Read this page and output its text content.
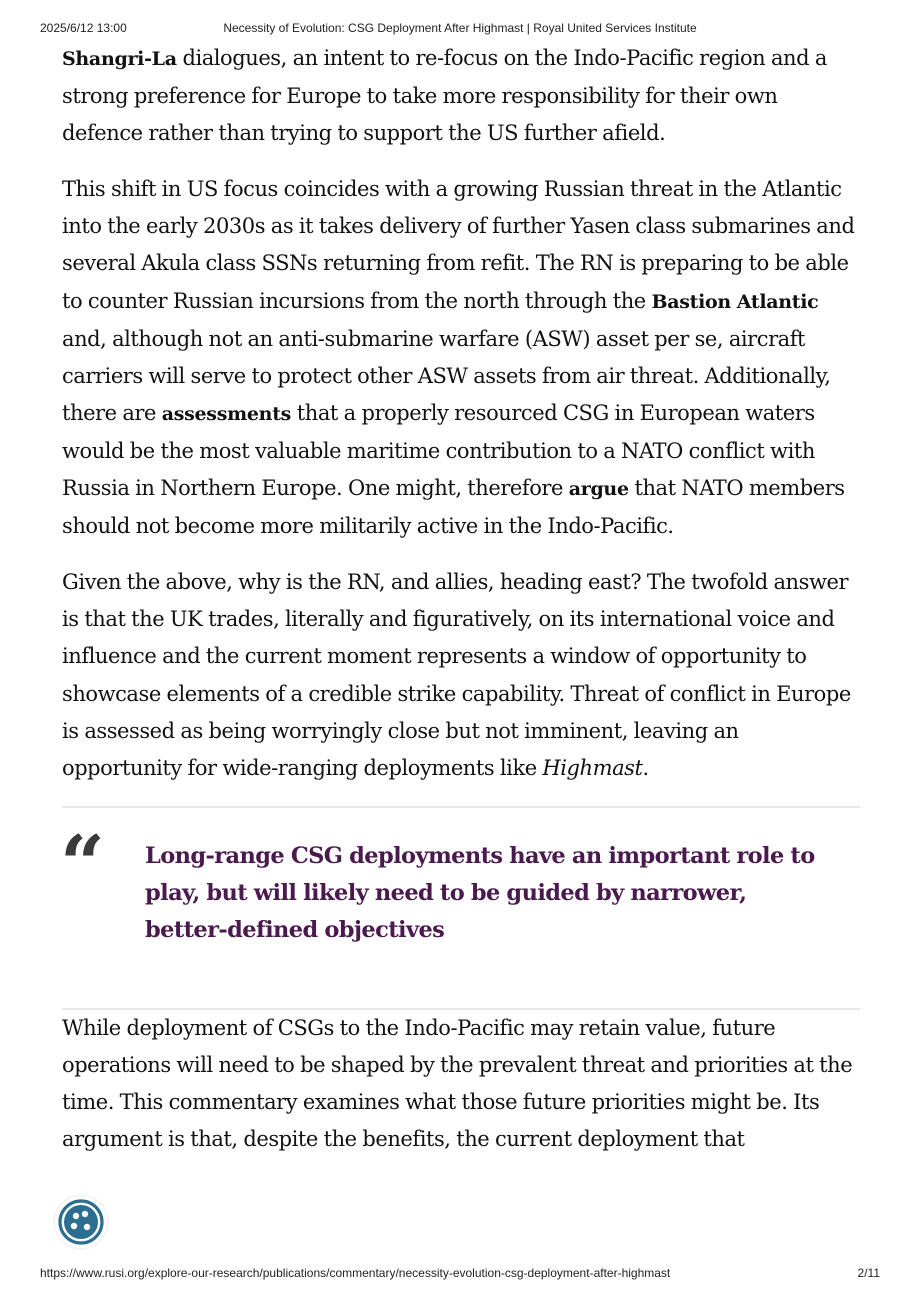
Necessity of Evolution: CSG Deployment After Highmast | Royal United Services Institute
2025/6/12 13:00

Shangri-La dialogues, an intent to re-focus on the Indo-Pacific region and a strong preference for Europe to take more responsibility for their own defence rather than trying to support the US further afield.

This shift in US focus coincides with a growing Russian threat in the Atlantic into the early 2030s as it takes delivery of further Yasen class submarines and several Akula class SSNs returning from refit. The RN is preparing to be able to counter Russian incursions from the north through the Bastion Atlantic and, although not an anti-submarine warfare (ASW) asset per se, aircraft carriers will serve to protect other ASW assets from air threat. Additionally, there are assessments that a properly resourced CSG in European waters would be the most valuable maritime contribution to a NATO conflict with Russia in Northern Europe. One might, therefore argue that NATO members should not become more militarily active in the Indo-Pacific.

Given the above, why is the RN, and allies, heading east? The twofold answer is that the UK trades, literally and figuratively, on its international voice and influence and the current moment represents a window of opportunity to showcase elements of a credible strike capability. Threat of conflict in Europe is assessed as being worryingly close but not imminent, leaving an opportunity for wide-ranging deployments like Highmast.

“ Long-range CSG deployments have an important role to play, but will likely need to be guided by narrower, better-defined objectives

While deployment of CSGs to the Indo-Pacific may retain value, future operations will need to be shaped by the prevalent threat and priorities at the time. This commentary examines what those future priorities might be. Its argument is that, despite the benefits, the current deployment that

https://www.rusi.org/explore-our-research/publications/commentary/necessity-evolution-csg-deployment-after-highmast	2/11
